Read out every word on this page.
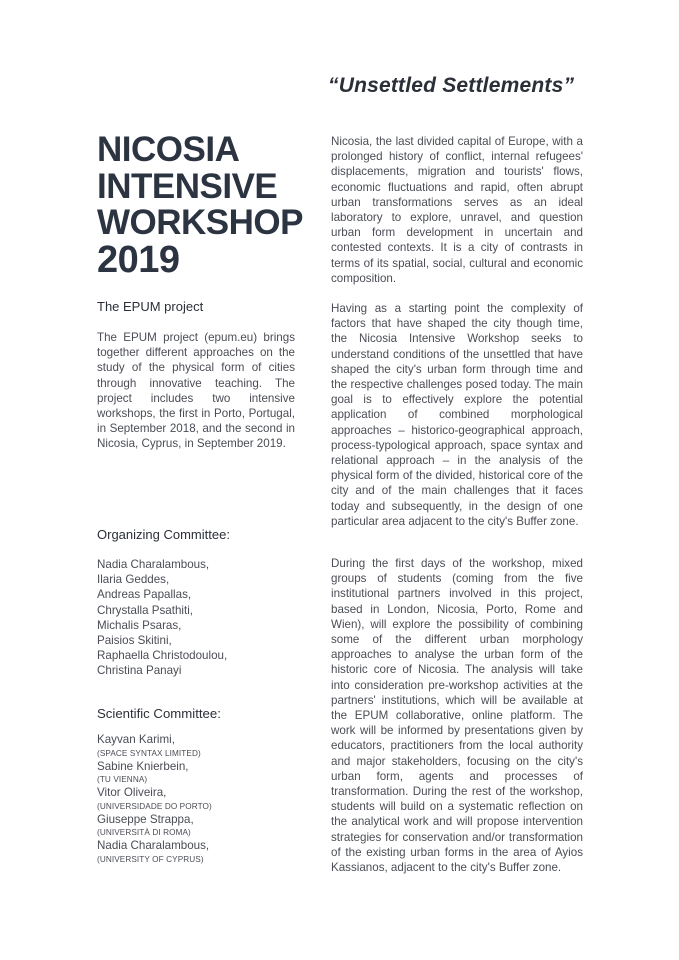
“Unsettled Settlements”
NICOSIA
INTENSIVE
WORKSHOP
2019
The EPUM project
The EPUM project (epum.eu) brings together different approaches on the study of the physical form of cities through innovative teaching. The project includes two intensive workshops, the first in Porto, Portugal, in September 2018, and the second in Nicosia, Cyprus, in September 2019.
Organizing Committee:
Nadia Charalambous,
Ilaria Geddes,
Andreas Papallas,
Chrystalla Psathiti,
Michalis Psaras,
Paisios Skitini,
Raphaella Christodoulou,
Christina Panayi
Scientific Committee:
Kayvan Karimi,
(SPACE SYNTAX LIMITED)
Sabine Knierbein,
(TU VIENNA)
Vitor Oliveira,
(UNIVERSIDADE DO PORTO)
Giuseppe Strappa,
(UNIVERSITÀ DI ROMA)
Nadia Charalambous,
(UNIVERSITY OF CYPRUS)
Nicosia, the last divided capital of Europe, with a prolonged history of conflict, internal refugees' displacements, migration and tourists' flows, economic fluctuations and rapid, often abrupt urban transformations serves as an ideal laboratory to explore, unravel, and question urban form development in uncertain and contested contexts. It is a city of contrasts in terms of its spatial, social, cultural and economic composition.
Having as a starting point the complexity of factors that have shaped the city though time, the Nicosia Intensive Workshop seeks to understand conditions of the unsettled that have shaped the city's urban form through time and the respective challenges posed today. The main goal is to effectively explore the potential application of combined morphological approaches – historico-geographical approach, process-typological approach, space syntax and relational approach – in the analysis of the physical form of the divided, historical core of the city and of the main challenges that it faces today and subsequently, in the design of one particular area adjacent to the city's Buffer zone.
During the first days of the workshop, mixed groups of students (coming from the five institutional partners involved in this project, based in London, Nicosia, Porto, Rome and Wien), will explore the possibility of combining some of the different urban morphology approaches to analyse the urban form of the historic core of Nicosia. The analysis will take into consideration pre-workshop activities at the partners' institutions, which will be available at the EPUM collaborative, online platform. The work will be informed by presentations given by educators, practitioners from the local authority and major stakeholders, focusing on the city's urban form, agents and processes of transformation. During the rest of the workshop, students will build on a systematic reflection on the analytical work and will propose intervention strategies for conservation and/or transformation of the existing urban forms in the area of Ayios Kassianos, adjacent to the city's Buffer zone.
